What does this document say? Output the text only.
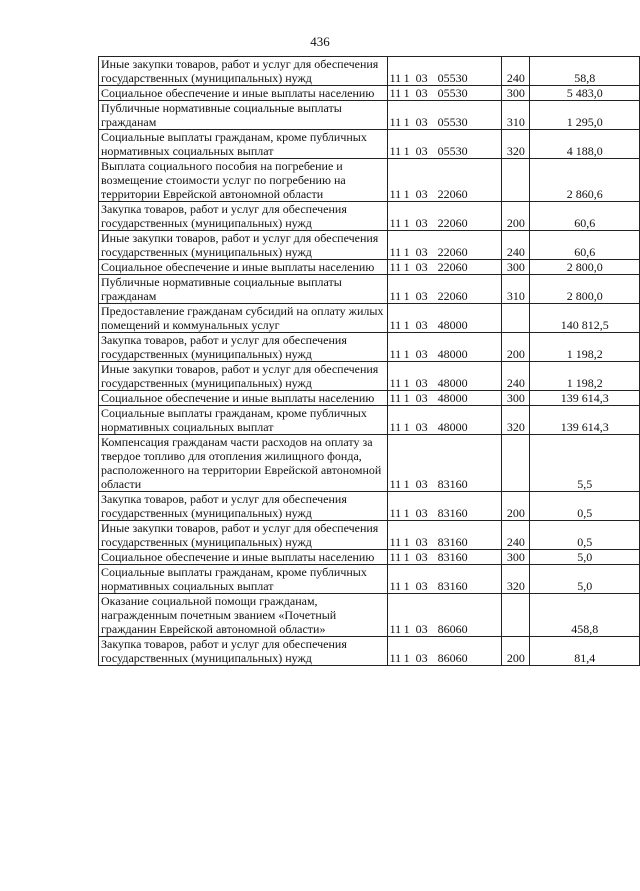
436
Иные закупки товаров, работ и услуг для обеспечения государственных (муниципальных) нужд	11 1 03 05530	240	58,8
Социальное обеспечение и иные выплаты населению	11 1 03 05530	300	5 483,0
Публичные нормативные социальные выплаты гражданам	11 1 03 05530	310	1 295,0
Социальные выплаты гражданам, кроме публичных нормативных социальных выплат	11 1 03 05530	320	4 188,0
Выплата социального пособия на погребение и возмещение стоимости услуг по погребению на территории Еврейской автономной области	11 1 03 22060		2 860,6
Закупка товаров, работ и услуг для обеспечения государственных (муниципальных) нужд	11 1 03 22060	200	60,6
Иные закупки товаров, работ и услуг для обеспечения государственных (муниципальных) нужд	11 1 03 22060	240	60,6
Социальное обеспечение и иные выплаты населению	11 1 03 22060	300	2 800,0
Публичные нормативные социальные выплаты гражданам	11 1 03 22060	310	2 800,0
Предоставление гражданам субсидий на оплату жилых помещений и коммунальных услуг	11 1 03 48000		140 812,5
Закупка товаров, работ и услуг для обеспечения государственных (муниципальных) нужд	11 1 03 48000	200	1 198,2
Иные закупки товаров, работ и услуг для обеспечения государственных (муниципальных) нужд	11 1 03 48000	240	1 198,2
Социальное обеспечение и иные выплаты населению	11 1 03 48000	300	139 614,3
Социальные выплаты гражданам, кроме публичных нормативных социальных выплат	11 1 03 48000	320	139 614,3
Компенсация гражданам части расходов на оплату за твердое топливо для отопления жилищного фонда, расположенного на территории Еврейской автономной области	11 1 03 83160		5,5
Закупка товаров, работ и услуг для обеспечения государственных (муниципальных) нужд	11 1 03 83160	200	0,5
Иные закупки товаров, работ и услуг для обеспечения государственных (муниципальных) нужд	11 1 03 83160	240	0,5
Социальное обеспечение и иные выплаты населению	11 1 03 83160	300	5,0
Социальные выплаты гражданам, кроме публичных нормативных социальных выплат	11 1 03 83160	320	5,0
Оказание социальной помощи гражданам, награжденным почетным званием «Почетный гражданин Еврейской автономной области»	11 1 03 86060		458,8
Закупка товаров, работ и услуг для обеспечения государственных (муниципальных) нужд	11 1 03 86060	200	81,4
